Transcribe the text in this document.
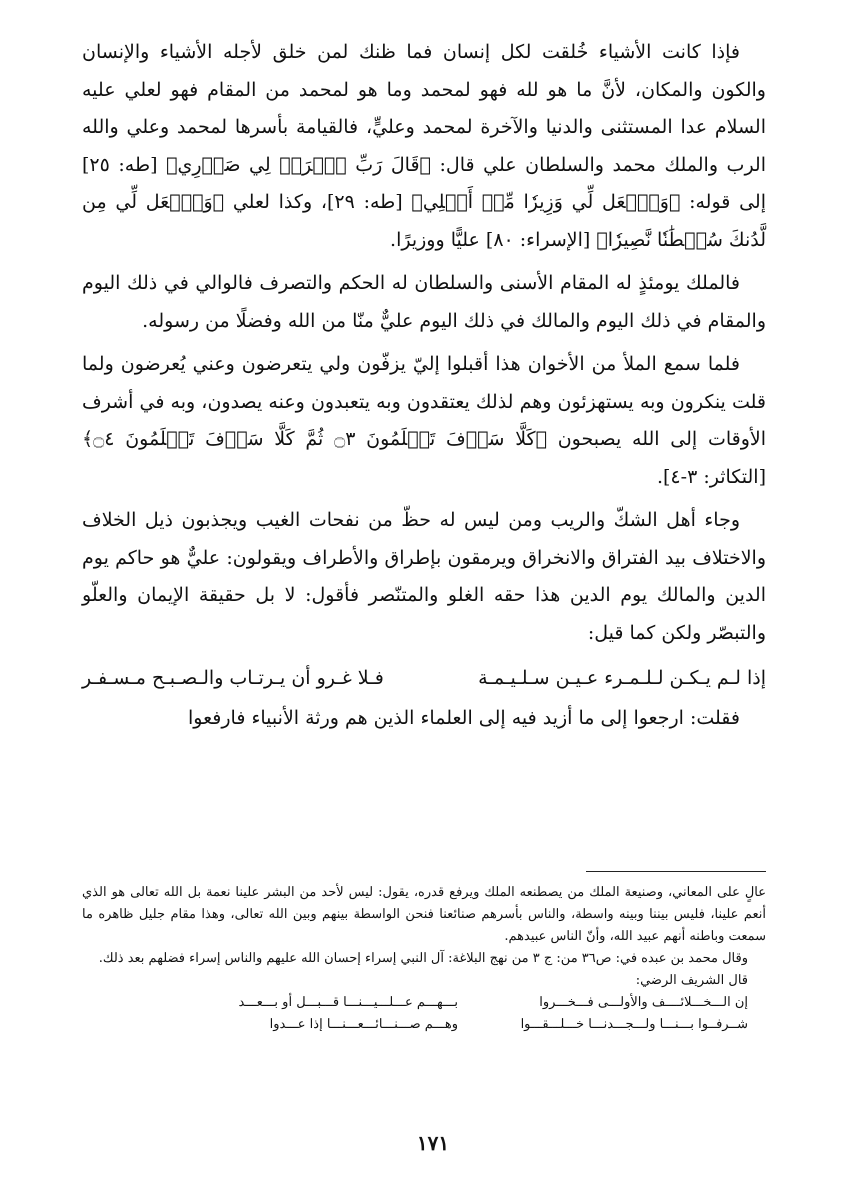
فإذا كانت الأشياء خُلقت لكل إنسان فما ظنك لمن خلق لأجله الأشياء والإنسان والكون والمكان، لأنَّ ما هو لله فهو لمحمد وما هو لمحمد من المقام فهو لعلي عليه السلام عدا المستثنى والدنيا والآخرة لمحمد وعليٍّ، فالقيامة بأسرها لمحمد وعلي والله الرب والملك محمد والسلطان علي قال: ﴿قَالَ رَبِّ ٱشۡرَحۡ لِي صَدۡرِي﴾ [طه: ٢٥] إلى قوله: ﴿وَٱجۡعَل لِّي وَزِيرٗا مِّنۡ أَهۡلِي﴾ [طه: ٢٩]، وكذا لعلي ﴿وَٱجۡعَل لِّي مِن لَّدُنكَ سُلۡطَٰنٗا نَّصِيرٗا﴾ [الإسراء: ٨٠] عليًّا ووزيرًا.

فالملك يومئذٍ له المقام الأسنى والسلطان له الحكم والتصرف فالوالي في ذلك اليوم والمقام في ذلك اليوم والمالك في ذلك اليوم عليٌّ منّا من الله وفضلًا من رسوله.

فلما سمع الملأ من الأخوان هذا أقبلوا إليّ يزفّون ولي يتعرضون وعني يُعرضون ولما قلت ينكرون وبه يستهزئون وهم لذلك يعتقدون وبه يتعبدون وعنه يصدون، وبه في أشرف الأوقات إلى الله يصبحون ﴿كَلَّا سَوۡفَ تَعۡلَمُونَ ۝٣ ثُمَّ كَلَّا سَوۡفَ تَعۡلَمُونَ ۝٤﴾ [التكاثر: ٣-٤].

وجاء أهل الشكّ والريب ومن ليس له حظّ من نفحات الغيب ويجذبون ذيل الخلاف والاختلاف بيد الفتراق والانخراق ويرمقون بإطراق والأطراف ويقولون: عليٌّ هو حاكم يوم الدين والمالك يوم الدين هذا حقه الغلو والمتنّصر فأقول: لا بل حقيقة الإيمان والعلّو والتبصّر ولكن كما قيل:

إذا لـم يـكـن لـلـمـرء عـيـن سـلـيـمـة
فـلا غـرو أن يـرتـاب والـصـبـح مـسـفـر

فقلت: ارجعوا إلى ما أزيد فيه إلى العلماء الذين هم ورثة الأنبياء فارفعوا

عالٍ على المعاني، وصنيعة الملك من يصطنعه الملك ويرفع قدره، يقول: ليس لأحد من البشر علينا نعمة بل الله تعالى هو الذي أنعم علينا، فليس بيننا وبينه واسطة، والناس بأسرهم صنائعنا فنحن الواسطة بينهم وبين الله تعالى، وهذا مقام جليل ظاهره ما سمعت وباطنه أنهم عبيد الله، وأنّ الناس عبيدهم.

وقال محمد بن عبده في: ص٣٦ من: ج ٣ من نهج البلاغة: آل النبي إسراء إحسان الله عليهم والناس إسراء فضلهم بعد ذلك.

قال الشريف الرضي:

إن الـــخـــلائــــف والأولـــى فـــخـــروا
بـــهـــم عـــلـــيـــنـــا قـــبـــل أو بـــعـــد
شــرفــوا بـــنـــا ولـــجـــدنـــا خـــلـــقـــوا
وهـــم صـــنـــائـــعـــنـــا إذا عـــدوا
١٧١
